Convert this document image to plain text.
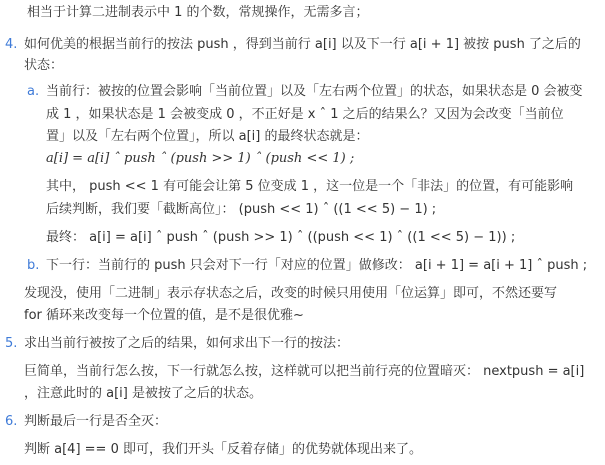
相当于计算二进制表示中 1 的个数，常规操作，无需多言；
4. 如何优美的根据当前行的按法 push ，得到当前行 a[i] 以及下一行 a[i + 1] 被按 push 了之后的
状态：
a. 当前行：被按的位置会影响「当前位置」以及「左右两个位置」的状态，如果状态是 0 会被变
成 1 ，如果状态是 1 会被变成 0 ，不正好是 x ˆ 1 之后的结果么？又因为会改变「当前位
置」以及「左右两个位置」，所以 a[i] 的最终状态就是：
a[i] = a[i] ˆ push ˆ (push >> 1) ˆ (push << 1) ;
其中， push << 1 有可能会让第 5 位变成 1 ，这一位是一个「非法」的位置，有可能影响
后续判断，我们要「截断高位」： (push << 1) ˆ ((1 << 5) − 1) ;
最终： a[i] = a[i] ˆ push ˆ (push >> 1) ˆ ((push << 1) ˆ ((1 << 5) − 1)) ;
b. 下一行：当前行的 push 只会对下一行「对应的位置」做修改： a[i + 1] = a[i + 1] ˆ push ;
发现没，使用「二进制」表示存状态之后，改变的时候只用使用「位运算」即可，不然还要写
for 循环来改变每一个位置的值，是不是很优雅~
5. 求出当前行被按了之后的结果，如何求出下一行的按法：
巨简单，当前行怎么按，下一行就怎么按，这样就可以把当前行亮的位置暗灭： nextpush = a[i]
，注意此时的 a[i] 是被按了之后的状态。
6. 判断最后一行是否全灭：
判断 a[4] == 0 即可，我们开头「反着存储」的优势就体现出来了。
